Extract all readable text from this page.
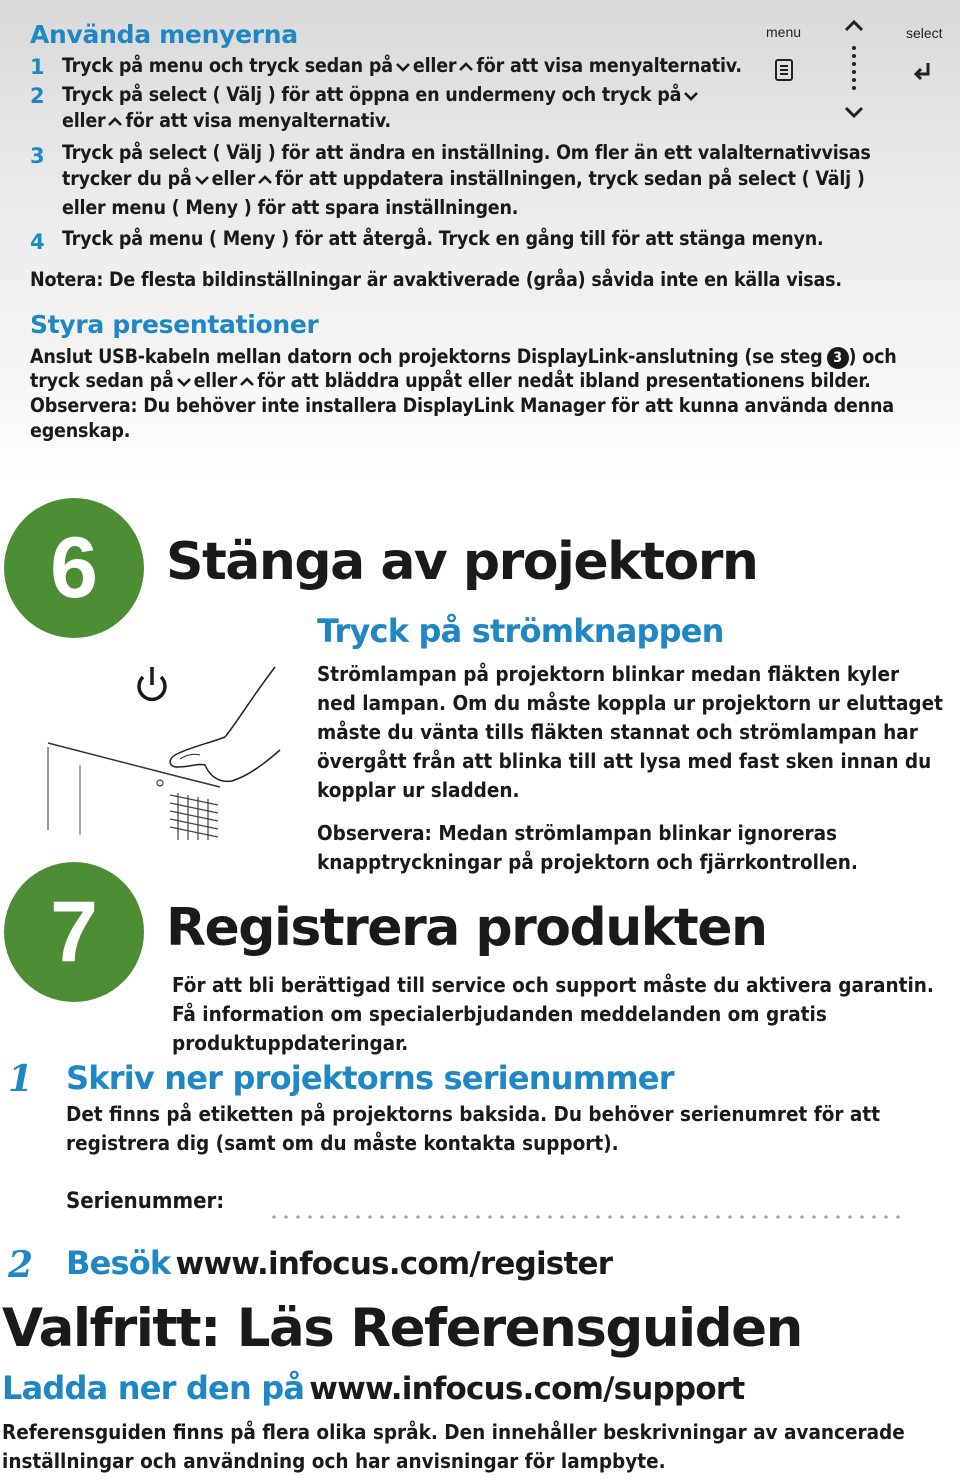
Använda menyerna	menu	select
1 Tryck på menu och tryck sedan på eller för att visa menyalternativ.
2 Tryck på select ( Välj ) för att öppna en undermeny och tryck på
eller för att visa menyalternativ.
3 Tryck på select ( Välj ) för att ändra en inställning. Om fler än ett valalternativvisas
trycker du på eller för att uppdatera inställningen, tryck sedan på select ( Välj )
eller menu ( Meny ) för att spara inställningen.
4 Tryck på menu ( Meny ) för att återgå. Tryck en gång till för att stänga menyn.
Notera: De flesta bildinställningar är avaktiverade (gråa) såvida inte en källa visas.
Styra presentationer
Anslut USB-kabeln mellan datorn och projektorns DisplayLink-anslutning (se steg 3 ) och
tryck sedan på eller för att bläddra uppåt eller nedåt ibland presentationens bilder.
Observera: Du behöver inte installera DisplayLink Manager för att kunna använda denna
egenskap.
6	Stänga av projektorn
Tryck på strömknappen
Strömlampan på projektorn blinkar medan fläkten kyler
ned lampan. Om du måste koppla ur projektorn ur eluttaget
måste du vänta tills fläkten stannat och strömlampan har
övergått från att blinka till att lysa med fast sken innan du
kopplar ur sladden.
Observera: Medan strömlampan blinkar ignoreras
knapptryckningar på projektorn och fjärrkontrollen.
7	Registrera produkten
För att bli berättigad till service och support måste du aktivera garantin.
Få information om specialerbjudanden meddelanden om gratis
produktuppdateringar.
1 Skriv ner projektorns serienummer
Det finns på etiketten på projektorns baksida. Du behöver serienumret för att
registrera dig (samt om du måste kontakta support).
Serienummer:
2 Besök www.infocus.com/register
Valfritt: Läs Referensguiden
Ladda ner den på www.infocus.com/support
Referensguiden finns på flera olika språk. Den innehåller beskrivningar av avancerade
inställningar och användning och har anvisningar för lampbyte.
